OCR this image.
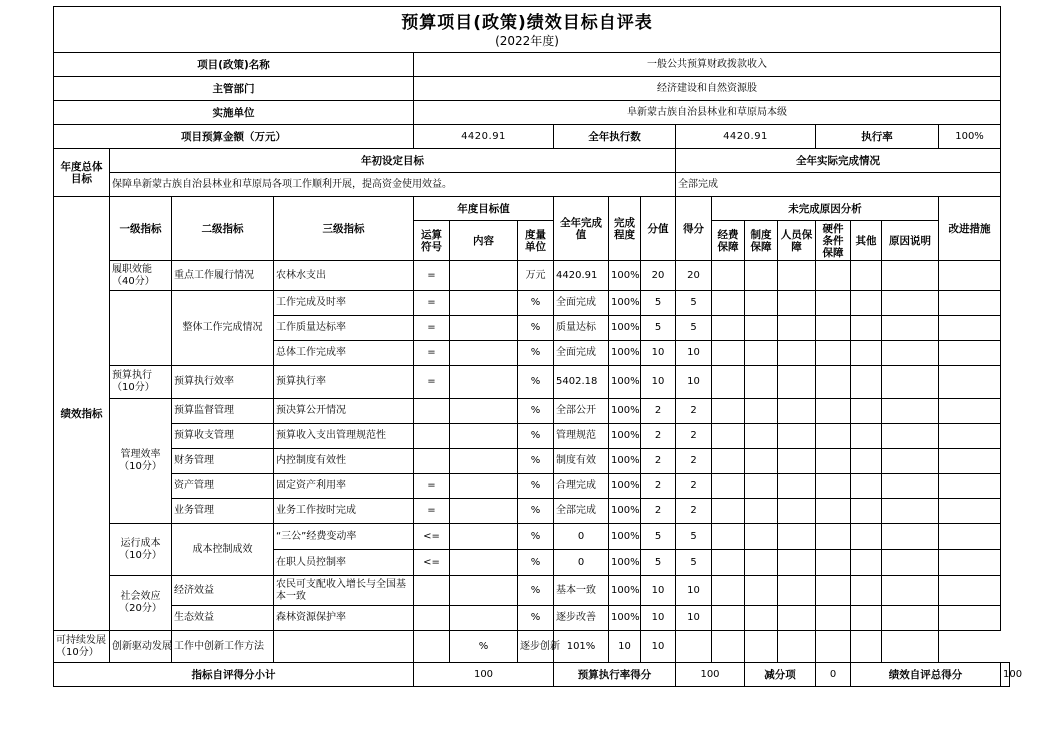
预算项目(政策)绩效目标自评表
(2022年度)																		

项目(政策)名称				一般公共预算财政拨款收入														
主管部门				经济建设和自然资源股														
实施单位				阜新蒙古族自治县林业和草原局本级														
项目预算金额（万元）				4420.91			全年执行数			4420.91				执行率			100%	
年度总体目标	年初设定目标									全年实际完成情况								
	保障阜新蒙古族自治县林业和草原局各项工作顺利开展，提高资金使用效益。									全部完成								
绩效指标	一级指标	二级指标	三级指标	年度目标值			全年完成值	完成程度	分值	得分	未完成原因分析						改进措施	
				运算符号	内容	度量单位					经费保障	制度保障	人员保障	硬件条件保障	其他	原因说明		
	履职效能（40分）	重点工作履行情况	农林水支出	=		万元	4420.91	100%	20	20								
		整体工作完成情况	工作完成及时率	=		%	全面完成	100%	5	5								
			工作质量达标率	=		%	质量达标	100%	5	5								
			总体工作完成率	=		%	全面完成	100%	10	10								
	预算执行（10分）	预算执行效率	预算执行率	=		%	5402.18	100%	10	10								
	管理效率（10分）	预算监督管理	预决算公开情况			%	全部公开	100%	2	2								
		预算收支管理	预算收入支出管理规范性			%	管理规范	100%	2	2								
		财务管理	内控制度有效性			%	制度有效	100%	2	2								
		资产管理	固定资产利用率	=		%	合理完成	100%	2	2								
		业务管理	业务工作按时完成	=		%	全部完成	100%	2	2								
	运行成本（10分）	成本控制成效	“三公”经费变动率	<=		%	0	100%	5	5								
			在职人员控制率	<=		%	0	100%	5	5								
	社会效应（20分）	经济效益	农民可支配收入增长与全国基本一致			%	基本一致	100%	10	10								
		生态效益	森林资源保护率			%	逐步改善	100%	10	10								
可持续发展（10分）	创新驱动发展	工作中创新工作方法			%	逐步创新	101%	10	10									
指标自评得分小计				100			预算执行率得分			100		减分项		0	绩效自评总得分			100
